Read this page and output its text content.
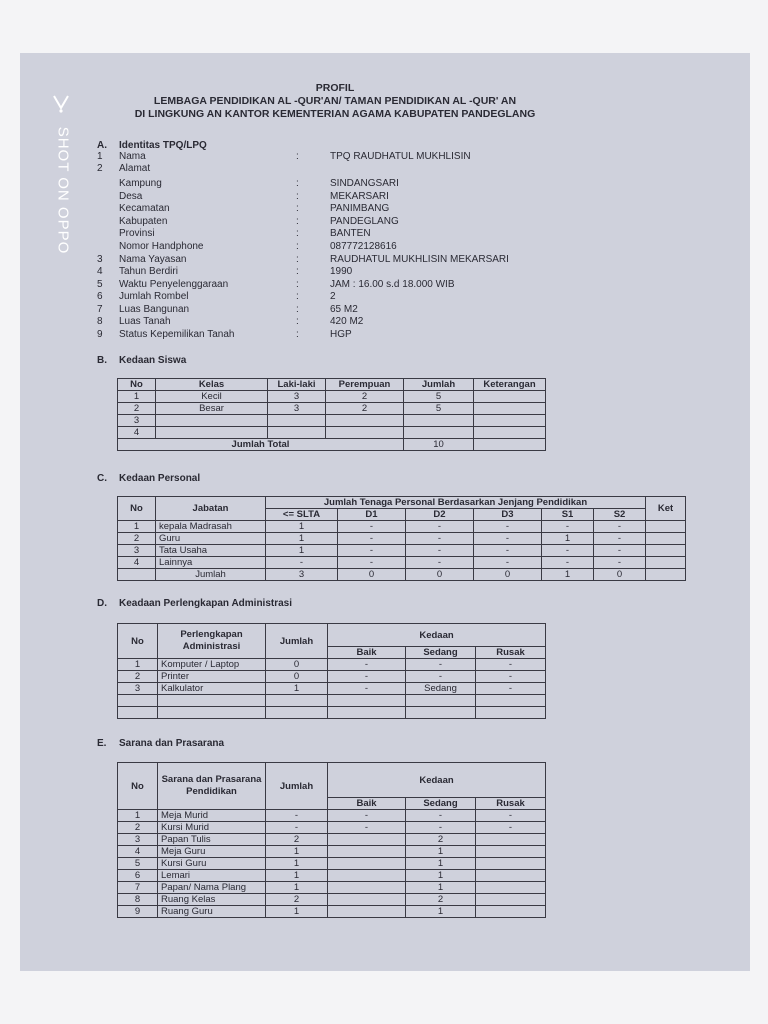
SHOT ON OPPO
PROFIL
LEMBAGA PENDIDIKAN AL -QUR'AN/ TAMAN PENDIDIKAN AL -QUR' AN
DI LINGKUNG AN KANTOR KEMENTERIAN AGAMA KABUPATEN PANDEGLANG
A. Identitas TPQ/LPQ
1	Nama	:	TPQ RAUDHATUL MUKHLISIN
2	Alamat
Kampung	:	SINDANGSARI
Desa	:	MEKARSARI
Kecamatan	:	PANIMBANG
Kabupaten	:	PANDEGLANG
Provinsi	:	BANTEN
Nomor Handphone	:	087772128616
3	Nama Yayasan	:	RAUDHATUL MUKHLISIN MEKARSARI
4	Tahun Berdiri	:	1990
5	Waktu Penyelenggaraan	:	JAM : 16.00 s.d 18.000 WIB
6	Jumlah Rombel	:	2
7	Luas Bangunan	:	65 M2
8	Luas Tanah	:	420 M2
9	Status Kepemilikan Tanah	:	HGP
B. Kedaan Siswa
No	Kelas	Laki-laki	Perempuan	Jumlah	Keterangan
1	Kecil	3	2	5	
2	Besar	3	2	5	
3					
4					
Jumlah Total				10	
C. Kedaan Personal
No	Jabatan	Jumlah Tenaga Personal Berdasarkan Jenjang Pendidikan						Ket
		<= SLTA	D1	D2	D3	S1	S2	
1	kepala Madrasah	1	-	-	-	-	-	
2	Guru	1	-	-	-	1	-	
3	Tata Usaha	1	-	-	-	-	-	
4	Lainnya	-	-	-	-	-	-	
	Jumlah	3	0	0	0	1	0	
D. Keadaan Perlengkapan Administrasi
No	Perlengkapan Administrasi	Jumlah	Kedaan		
			Baik	Sedang	Rusak
1	Komputer / Laptop	0	-	-	-
2	Printer	0	-	-	-
3	Kalkulator	1	-	Sedang	-

E. Sarana dan Prasarana
No	Sarana dan Prasarana Pendidikan	Jumlah	Kedaan		
			Baik	Sedang	Rusak
1	Meja Murid	-	-	-	-
2	Kursi Murid	-	-	-	-
3	Papan Tulis	2		2	
4	Meja Guru	1		1	
5	Kursi Guru	1		1	
6	Lemari	1		1	
7	Papan/ Nama Plang	1		1	
8	Ruang Kelas	2		2	
9	Ruang Guru	1		1	
